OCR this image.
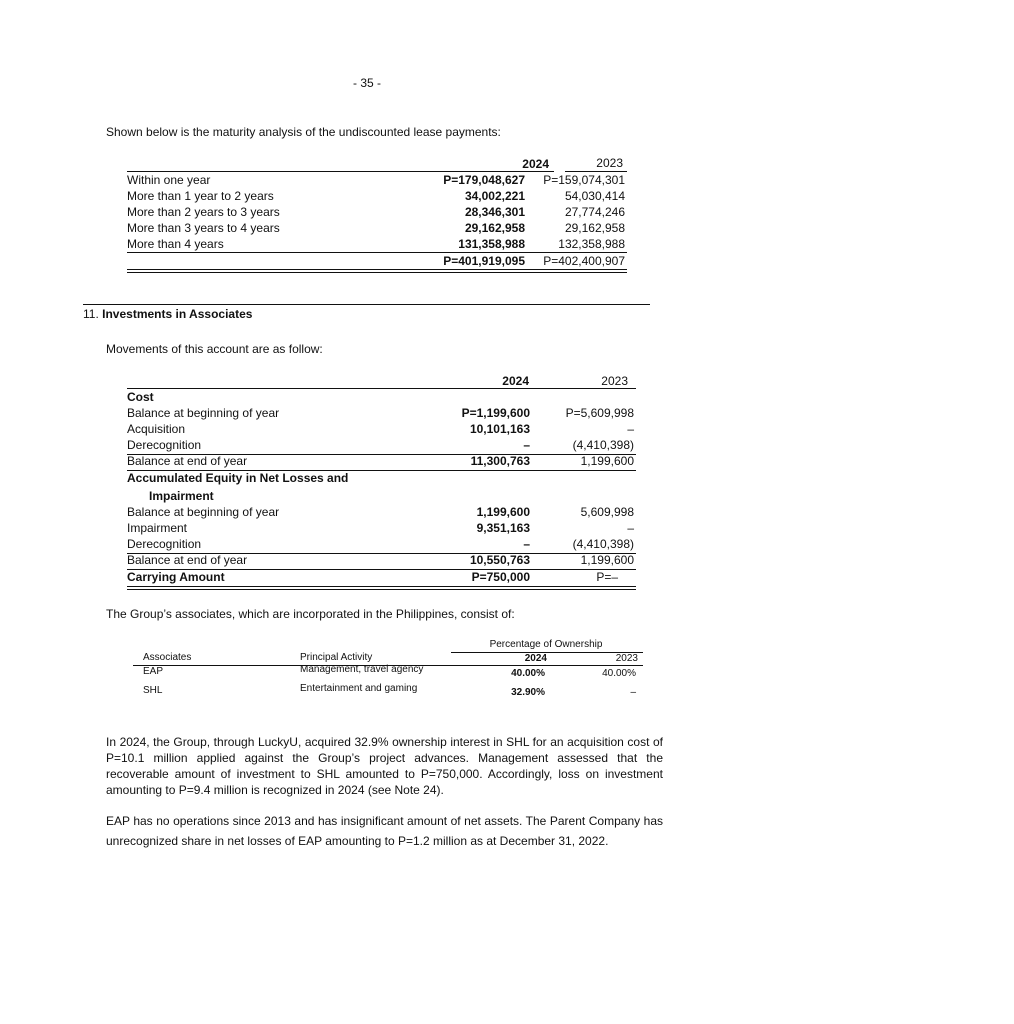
- 35 -
Shown below is the maturity analysis of the undiscounted lease payments:
2024	2023
Within one year	P=179,048,627 P=159,074,301
More than 1 year to 2 years	34,002,221	54,030,414
More than 2 years to 3 years	28,346,301	27,774,246
More than 3 years to 4 years	29,162,958	29,162,958
More than 4 years	131,358,988	132,358,988
P=401,919,095 P=402,400,907
11. Investments in Associates
Movements of this account are as follow:
2024	2023
Cost
Balance at beginning of year	P=1,199,600	P=5,609,998
Acquisition	10,101,163	–
Derecognition	–	(4,410,398)
Balance at end of year	11,300,763	1,199,600
Accumulated Equity in Net Losses and
Impairment
Balance at beginning of year	1,199,600	5,609,998
Impairment	9,351,163	–
Derecognition	–	(4,410,398)
Balance at end of year	10,550,763	1,199,600
Carrying Amount	P=750,000	P=–
The Group’s associates, which are incorporated in the Philippines, consist of:
Percentage of Ownership
Associates	Principal Activity	2024	2023
EAP	Management, travel agency	40.00%	40.00%
SHL	Entertainment and gaming	32.90%	–
In 2024, the Group, through LuckyU, acquired 32.9% ownership interest in SHL for an acquisition cost of P=10.1 million applied against the Group’s project advances. Management assessed that the recoverable amount of investment to SHL amounted to P=750,000. Accordingly, loss on investment amounting to P=9.4 million is recognized in 2024 (see Note 24).
EAP has no operations since 2013 and has insignificant amount of net assets. The Parent Company has unrecognized share in net losses of EAP amounting to P=1.2 million as at December 31, 2022.
